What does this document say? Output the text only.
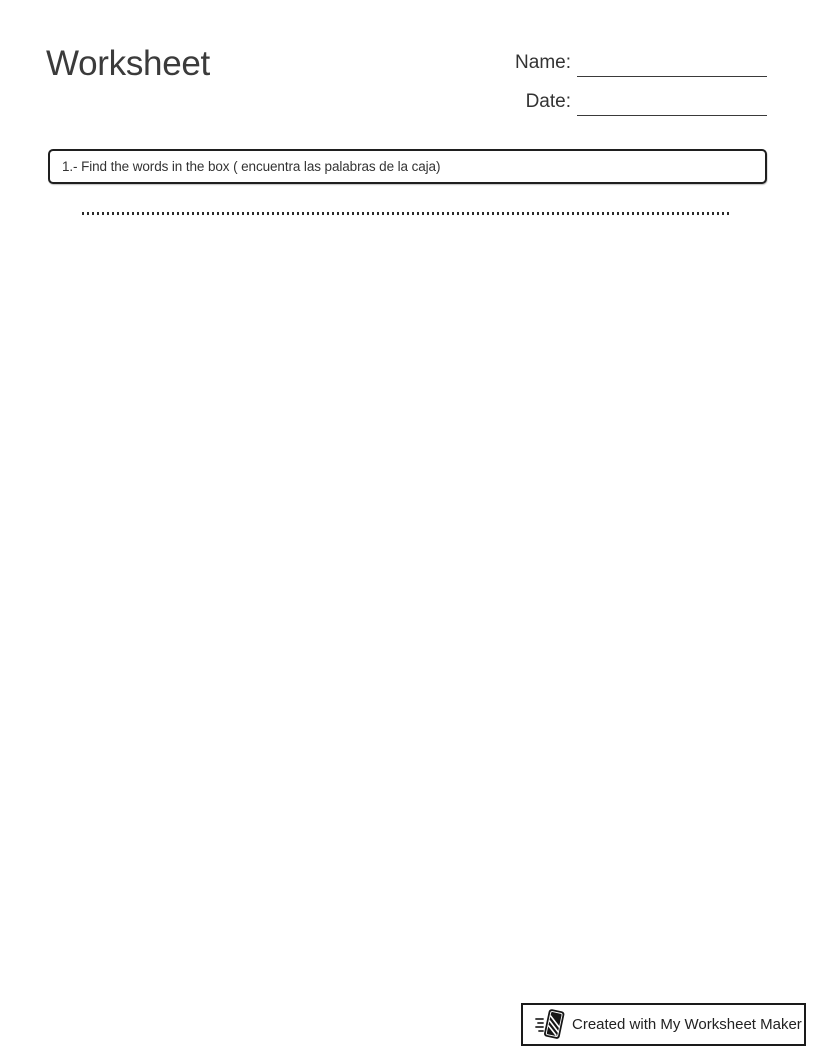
Worksheet	Name:
Date:
1.- Find the words in the box ( encuentra las palabras de la caja)
Created with My Worksheet Maker
